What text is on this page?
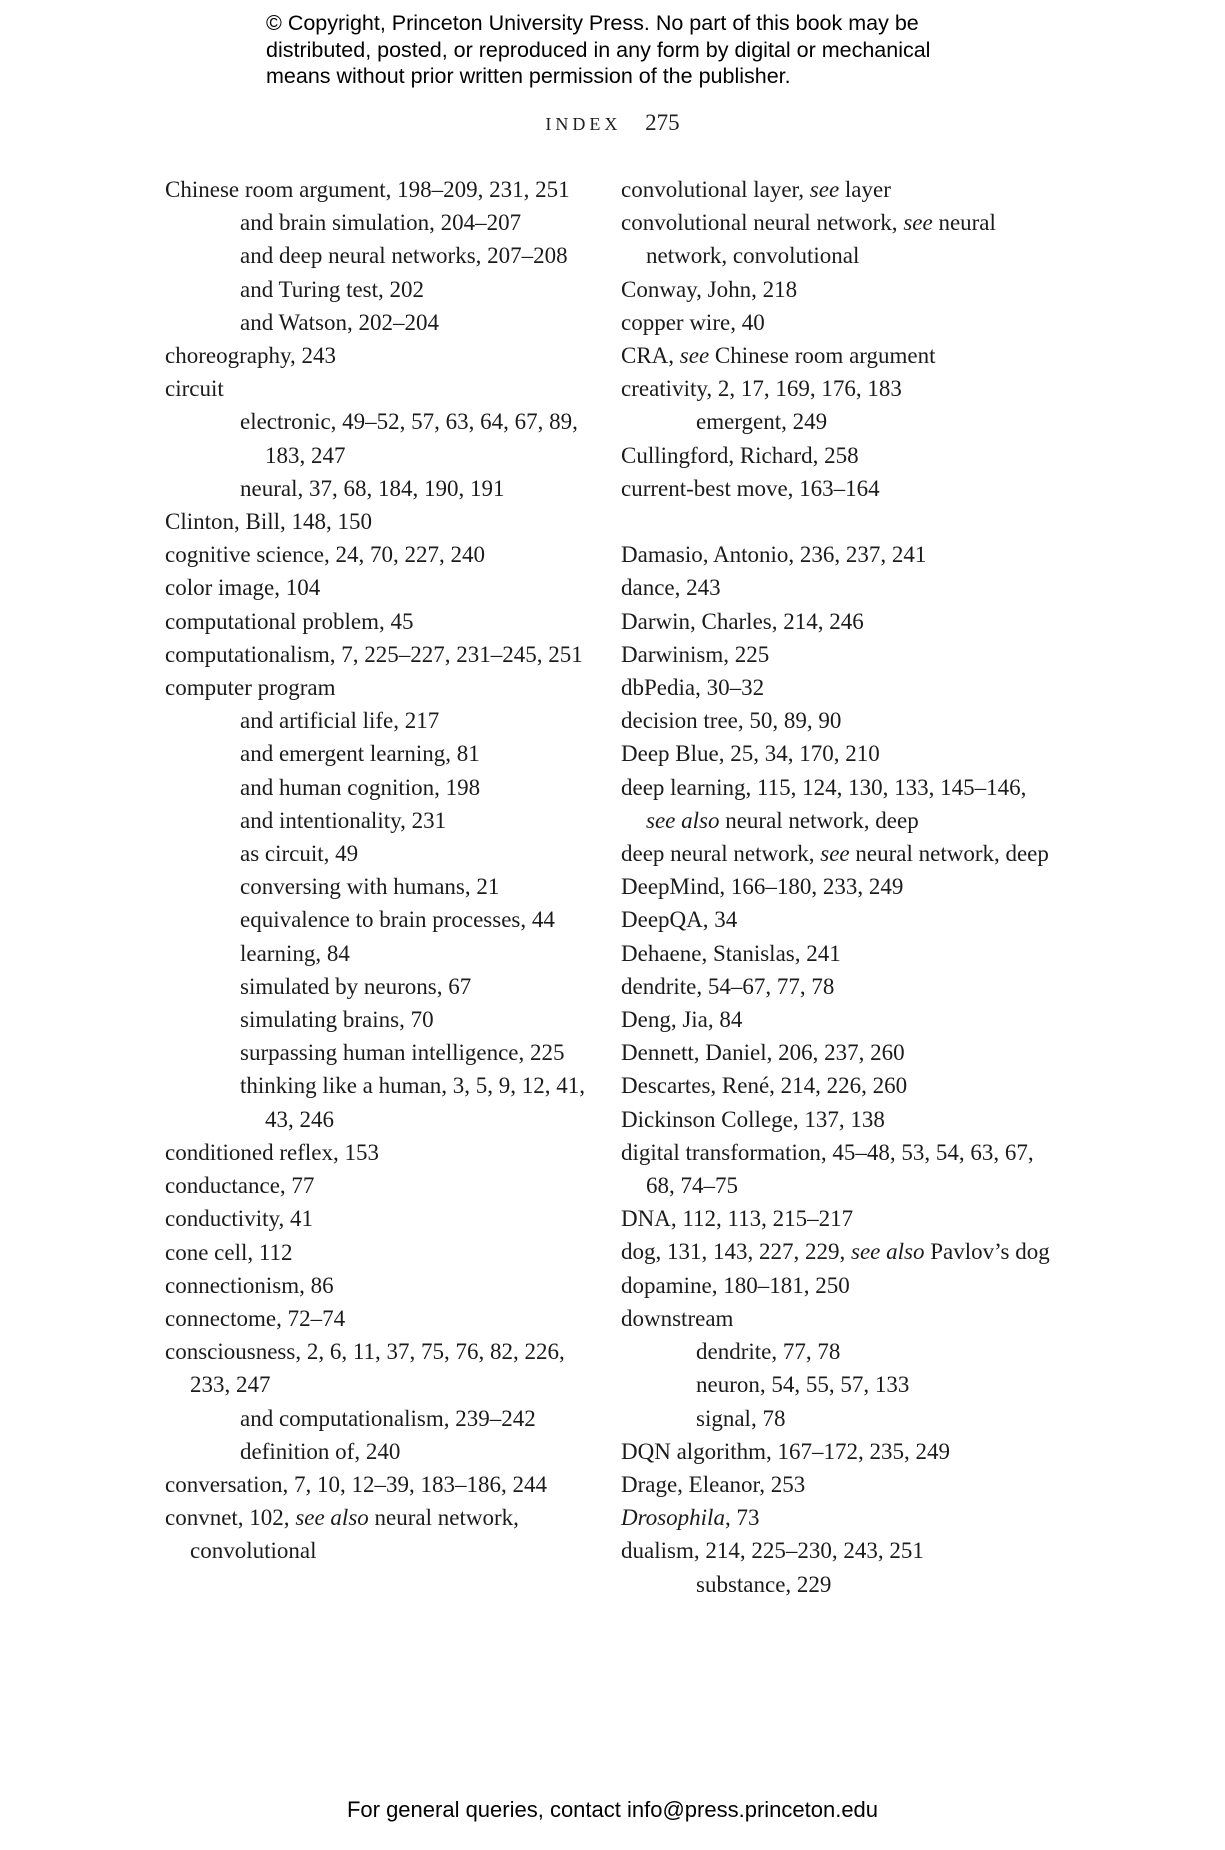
© Copyright, Princeton University Press. No part of this book may be
distributed, posted, or reproduced in any form by digital or mechanical
means without prior written permission of the publisher.
INDEX 275
Chinese room argument, 198–209, 231, 251
and brain simulation, 204–207
and deep neural networks, 207–208
and Turing test, 202
and Watson, 202–204
choreography, 243
circuit
electronic, 49–52, 57, 63, 64, 67, 89, 183, 247
neural, 37, 68, 184, 190, 191
Clinton, Bill, 148, 150
cognitive science, 24, 70, 227, 240
color image, 104
computational problem, 45
computationalism, 7, 225–227, 231–245, 251
computer program
and artificial life, 217
and emergent learning, 81
and human cognition, 198
and intentionality, 231
as circuit, 49
conversing with humans, 21
equivalence to brain processes, 44
learning, 84
simulated by neurons, 67
simulating brains, 70
surpassing human intelligence, 225
thinking like a human, 3, 5, 9, 12, 41, 43, 246
conditioned reflex, 153
conductance, 77
conductivity, 41
cone cell, 112
connectionism, 86
connectome, 72–74
consciousness, 2, 6, 11, 37, 75, 76, 82, 226, 233, 247
and computationalism, 239–242
definition of, 240
conversation, 7, 10, 12–39, 183–186, 244
convnet, 102, see also neural network, convolutional
convolutional layer, see layer
convolutional neural network, see neural network, convolutional
Conway, John, 218
copper wire, 40
CRA, see Chinese room argument
creativity, 2, 17, 169, 176, 183
emergent, 249
Cullingford, Richard, 258
current-best move, 163–164
Damasio, Antonio, 236, 237, 241
dance, 243
Darwin, Charles, 214, 246
Darwinism, 225
dbPedia, 30–32
decision tree, 50, 89, 90
Deep Blue, 25, 34, 170, 210
deep learning, 115, 124, 130, 133, 145–146, see also neural network, deep
deep neural network, see neural network, deep
DeepMind, 166–180, 233, 249
DeepQA, 34
Dehaene, Stanislas, 241
dendrite, 54–67, 77, 78
Deng, Jia, 84
Dennett, Daniel, 206, 237, 260
Descartes, René, 214, 226, 260
Dickinson College, 137, 138
digital transformation, 45–48, 53, 54, 63, 67, 68, 74–75
DNA, 112, 113, 215–217
dog, 131, 143, 227, 229, see also Pavlov’s dog
dopamine, 180–181, 250
downstream
dendrite, 77, 78
neuron, 54, 55, 57, 133
signal, 78
DQN algorithm, 167–172, 235, 249
Drage, Eleanor, 253
Drosophila, 73
dualism, 214, 225–230, 243, 251
substance, 229
For general queries, contact info@press.princeton.edu
